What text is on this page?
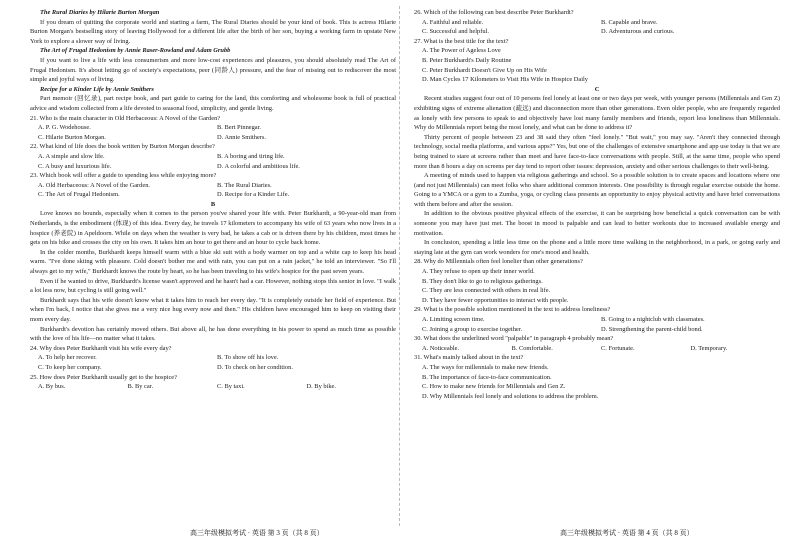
The Rural Diaries by Hilarie Burton Morgan

If you dream of quitting the corporate world and starting a farm, The Rural Diaries should be your kind of book. This is actress Hilarie Burton Morgan's bestselling story of leaving Hollywood for a different life after the birth of her son, buying a working farm in upstate New York to explore a slower way of living.

The Art of Frugal Hedonism by Annie Raser-Rowland and Adam Grubb

If you want to live a life with less consumerism and more low-cost experiences and pleasures, you should absolutely read The Art of Frugal Hedonism. It's about letting go of society's expectations, peer (同龄人) pressure, and the fear of missing out to rediscover the most simple and joyful ways of living.

Recipe for a Kinder Life by Annie Smithers

Part memoir (回忆录), part recipe book, and part guide to caring for the land, this comforting and wholesome book is full of practical advice and wisdom collected from a life devoted to seasonal food, simplicity, and gentle living.

21. Who is the main character in Old Herbaceous: A Novel of the Garden?
A. P. G. Wodehouse.	B. Bert Pinnegar.
C. Hilarie Burton Morgan.	D. Annie Smithers.
22. What kind of life does the book written by Burton Morgan describe?
A. A simple and slow life.	B. A boring and tiring life.
C. A busy and luxurious life.	D. A colorful and ambitious life.
23. Which book will offer a guide to spending less while enjoying more?
A. Old Herbaceous: A Novel of the Garden.	B. The Rural Diaries.
C. The Art of Frugal Hedonism.	D. Recipe for a Kinder Life.
B

Love knows no bounds, especially when it comes to the person you've shared your life with. Peter Burkhardt, a 90-year-old man from Netherlands, is the embodiment (体现) of this idea. Every day, he travels 17 kilometers to accompany his wife of 63 years who now lives in a hospice (养老院) in Apeldoorn. While on days when the weather is very bad, he takes a cab or is driven there by his children, most times he gets on his bike and crosses the city on his own. It takes him an hour to get there and an hour to cycle back home.

In the colder months, Burkhardt keeps himself warm with a blue ski suit with a body warmer on top and a white cap to keep his head warm. "I've done skiing with pleasure. Cold doesn't bother me and with rain, you can put on a rain jacket," he told an interviewer. "So I'll always get to my wife," Burkhardt knows the route by heart, so he has been traveling to his wife's hospice for the past seven years.

Even if he wanted to drive, Burkhardt's license wasn't approved and he hasn't had a car. However, nothing stops this senior in love. "I walk a lot less now, but cycling is still going well."

Burkhardt says that his wife doesn't know what it takes him to reach her every day. "It is completely outside her field of experience. But when I'm back, I notice that she gives me a very nice hug every now and then." His children have encouraged him to keep on visiting their mom every day.

Burkhardt's devotion has certainly moved others. But above all, he has done everything in his power to spend as much time as possible with the love of his life—no matter what it takes.

24. Why does Peter Burkhardt visit his wife every day?
A. To help her recover.	B. To show off his love.
C. To keep her company.	D. To check on her condition.
25. How does Peter Burkhardt usually get to the hospice?
A. By bus.	B. By car.	C. By taxi.	D. By bike.
26. Which of the following can best describe Peter Burkhardt?
A. Faithful and reliable.	B. Capable and brave.
C. Successful and helpful.	D. Adventurous and curious.
27. What is the best title for the text?
A. The Power of Ageless Love
B. Peter Burkhardt's Daily Routine
C. Peter Burkhardt Doesn't Give Up on His Wife
D. Man Cycles 17 Kilometers to Visit His Wife in Hospice Daily
C

Recent studies suggest four out of 10 persons feel lonely at least one or two days per week, with younger persons (Millennials and Gen Z) exhibiting signs of extreme alienation (疏远) and disconnection more than other generations. Even older people, who are frequently regarded as lonely with few persons to speak to and objectively have lost many family members and friends, report less loneliness than Millennials. Why do Millennials report being the most lonely, and what can be done to address it?

Thirty percent of people between 23 and 38 said they often "feel lonely." "But wait," you may say. "Aren't they connected through technology, social media platforms, and various apps?" Yes, but one of the challenges of extensive smartphone and app use today is that we are being trained to stare at screens rather than meet and have face-to-face conversations with people. Still, at the same time, people who spend more than 8 hours a day on screens per day tend to report other issues: depression, anxiety and other serious challenges to their well-being.

A meeting of minds used to happen via religious gatherings and school. So a possible solution is to create spaces and locations where one (and not just Millennials) can meet folks who share additional common interests. One possibility is through regular exercise outside the home. Going to a YMCA or a gym to a Zumba, yoga, or cycling class presents an opportunity to enjoy physical activity and have brief conversations with them before and after the session.

In addition to the obvious positive physical effects of the exercise, it can be surprising how beneficial a quick conversation can be with someone you may have just met. The boost in mood is palpable and can lead to better workouts due to increased available energy and motivation.

In conclusion, spending a little less time on the phone and a little more time walking in the neighborhood, in a park, or going early and staying late at the gym can work wonders for one's mood and health.

28. Why do Millennials often feel lonelier than other generations?
A. They refuse to open up their inner world.
B. They don't like to go to religious gatherings.
C. They are less connected with others in real life.
D. They have fewer opportunities to interact with people.
29. What is the possible solution mentioned in the text to address loneliness?
A. Limiting screen time.	B. Going to a nightclub with classmates.
C. Joining a group to exercise together.	D. Strengthening the parent-child bond.
30. What does the underlined word "palpable" in paragraph 4 probably mean?
A. Noticeable.	B. Comfortable.	C. Fortunate.	D. Temporary.
31. What's mainly talked about in the text?
A. The ways for millennials to make new friends.
B. The importance of face-to-face communication.
C. How to make new friends for Millennials and Gen Z.
D. Why Millennials feel lonely and solutions to address the problem.
高三年级模拟考试 · 英语 第 3 页（共 8 页）	高三年级模拟考试 · 英语 第 4 页（共 8 页）
